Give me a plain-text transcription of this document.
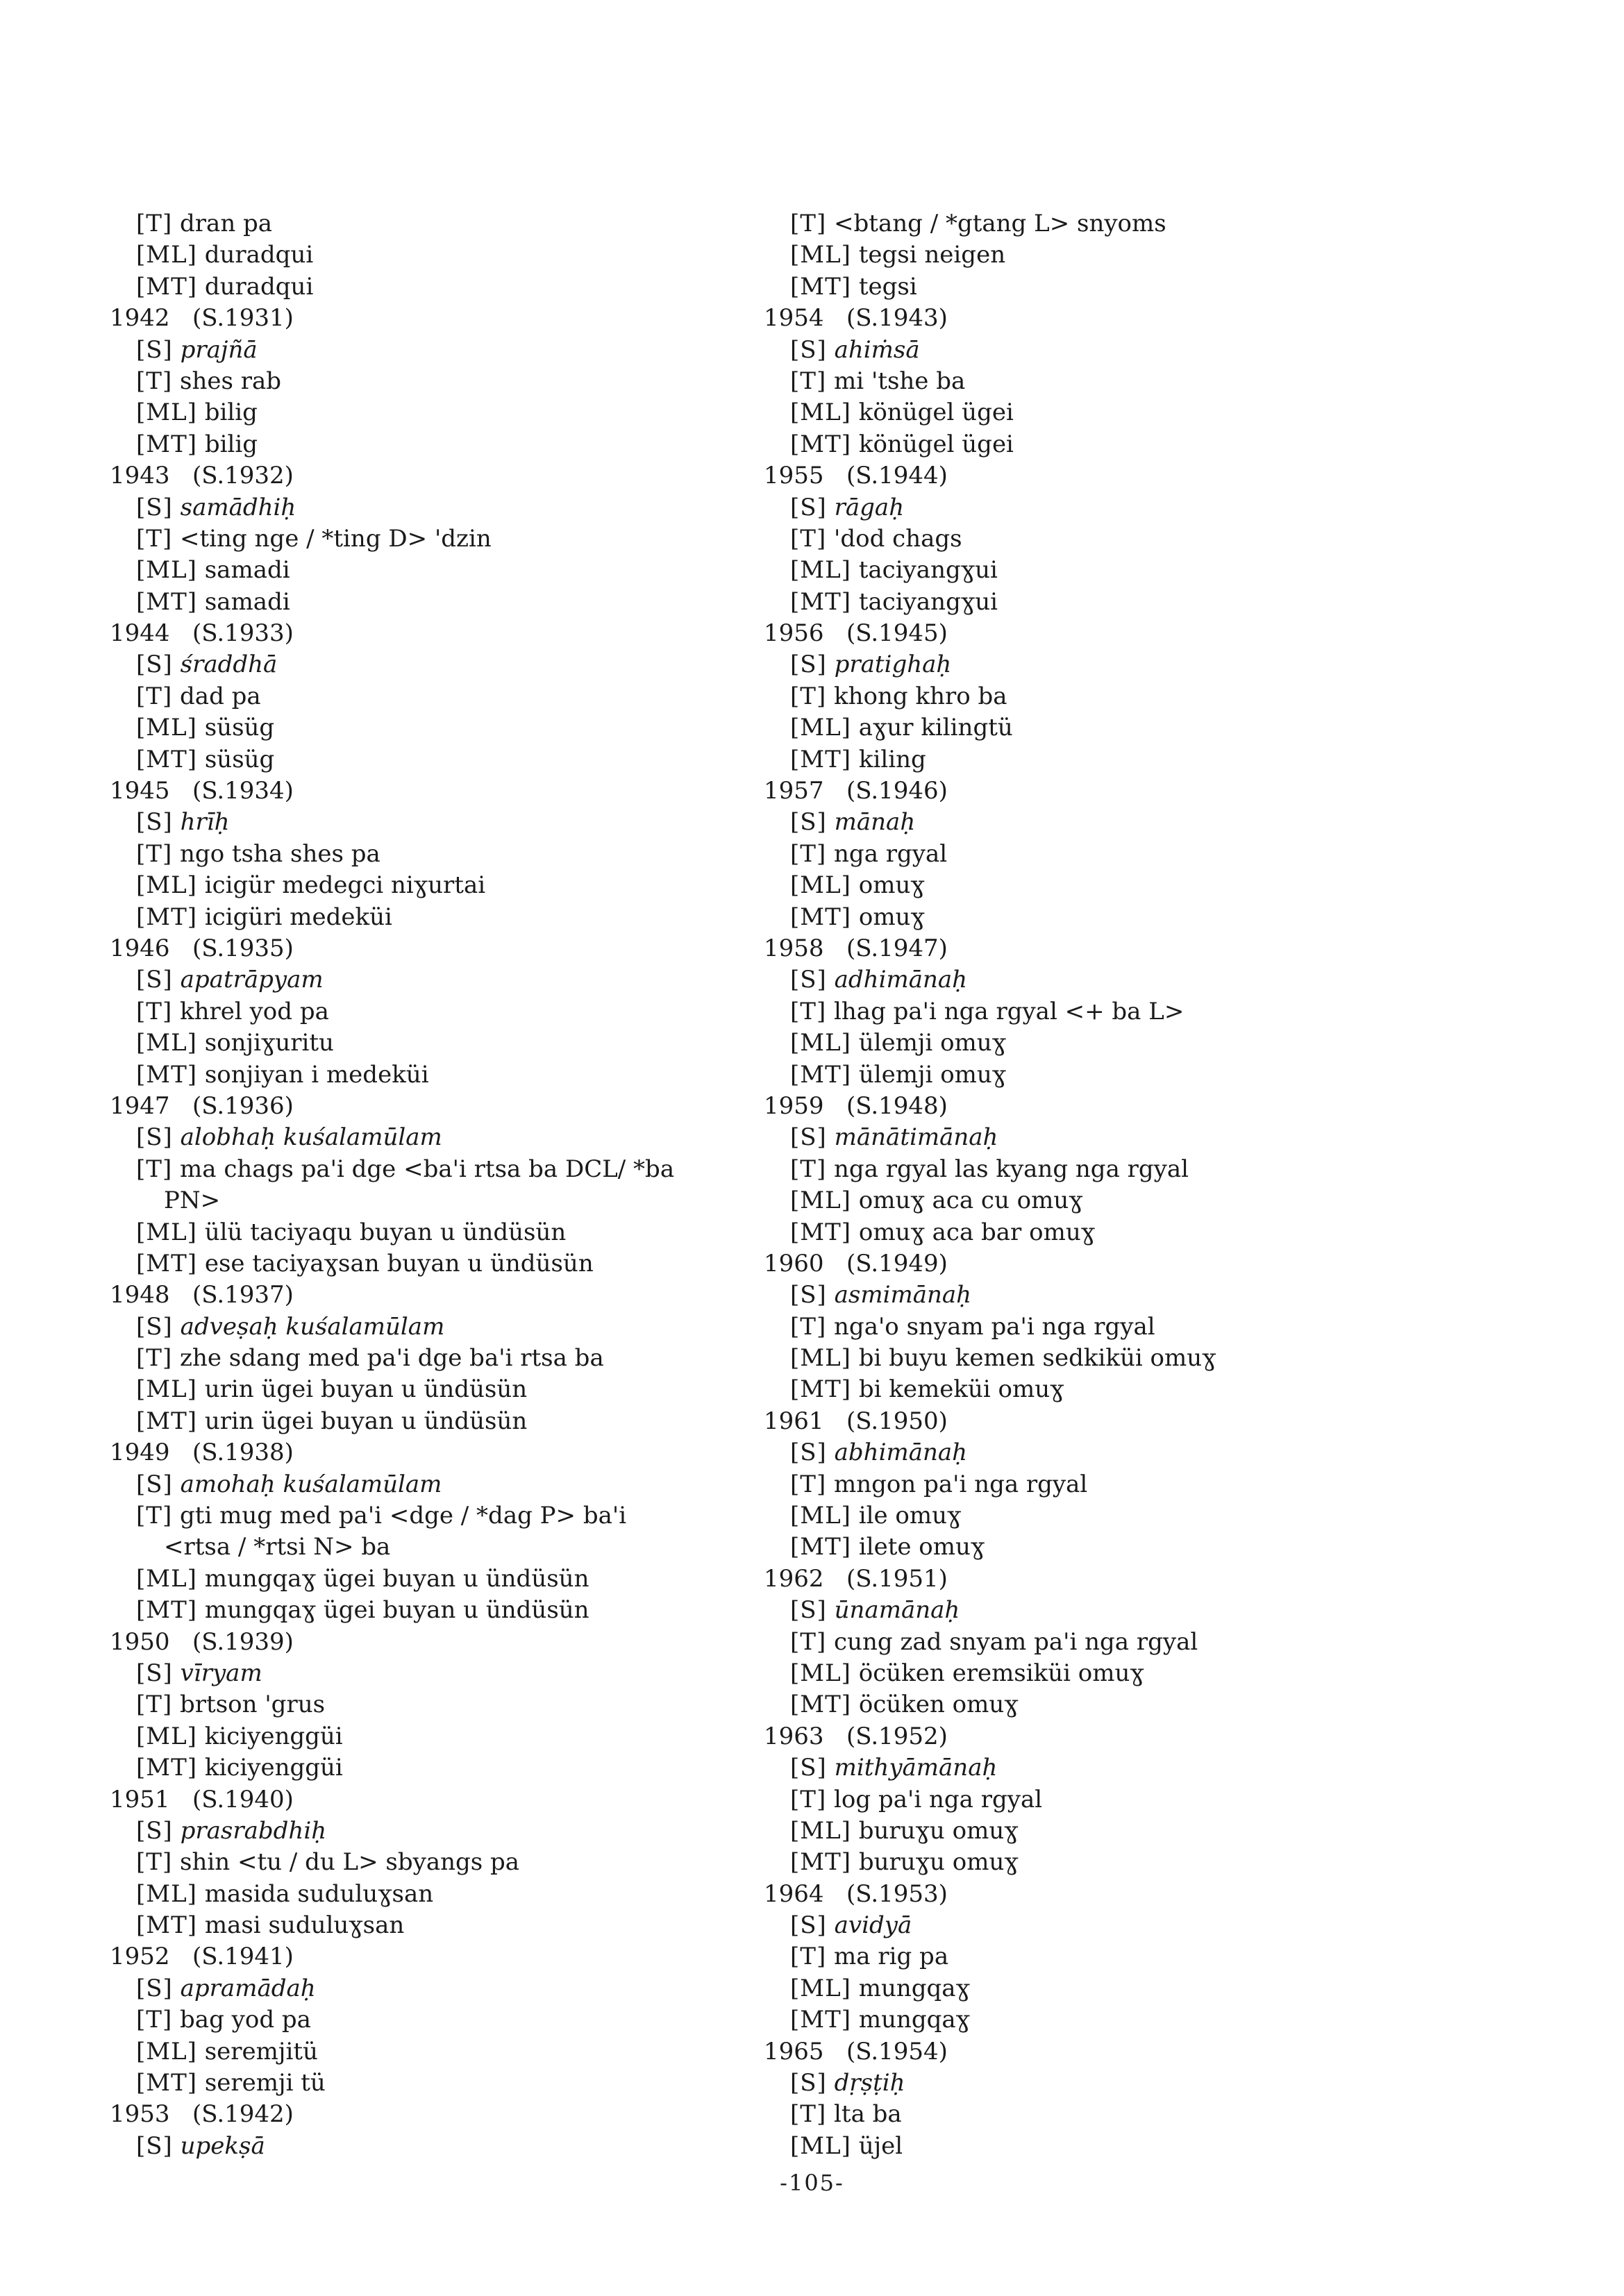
[T] dran pa
[ML] duradqui
[MT] duradqui
1942 (S.1931)
[S] prajñā
[T] shes rab
[ML] bilig
[MT] bilig
1943 (S.1932)
[S] samādhiḥ
[T] <ting nge / *ting D> 'dzin
[ML] samadi
[MT] samadi
1944 (S.1933)
[S] śraddhā
[T] dad pa
[ML] süsüg
[MT] süsüg
1945 (S.1934)
[S] hrīḥ
[T] ngo tsha shes pa
[ML] icigür medegci niɣurtai
[MT] icigüri medeküi
1946 (S.1935)
[S] apatrāpyam
[T] khrel yod pa
[ML] sonjiɣuritu
[MT] sonjiyan i medeküi
1947 (S.1936)
[S] alobhaḥ kuśalamūlam
[T] ma chags pa'i dge <ba'i rtsa ba DCL/ *ba
PN>
[ML] ülü taciyaqu buyan u ündüsün
[MT] ese taciyaɣsan buyan u ündüsün
1948 (S.1937)
[S] adveṣaḥ kuśalamūlam
[T] zhe sdang med pa'i dge ba'i rtsa ba
[ML] urin ügei buyan u ündüsün
[MT] urin ügei buyan u ündüsün
1949 (S.1938)
[S] amohaḥ kuśalamūlam
[T] gti mug med pa'i <dge / *dag P> ba'i
<rtsa / *rtsi N> ba
[ML] mungqaɣ ügei buyan u ündüsün
[MT] mungqaɣ ügei buyan u ündüsün
1950 (S.1939)
[S] vīryam
[T] brtson 'grus
[ML] kiciyenggüi
[MT] kiciyenggüi
1951 (S.1940)
[S] prasrabdhiḥ
[T] shin <tu / du L> sbyangs pa
[ML] masida suduluɣsan
[MT] masi suduluɣsan
1952 (S.1941)
[S] apramādaḥ
[T] bag yod pa
[ML] seremjitü
[MT] seremji tü
1953 (S.1942)
[S] upekṣā
[T] <btang / *gtang L> snyoms
[ML] tegsi neigen
[MT] tegsi
1954 (S.1943)
[S] ahiṁsā
[T] mi 'tshe ba
[ML] könügel ügei
[MT] könügel ügei
1955 (S.1944)
[S] rāgaḥ
[T] 'dod chags
[ML] taciyangɣui
[MT] taciyangɣui
1956 (S.1945)
[S] pratighaḥ
[T] khong khro ba
[ML] aɣur kilingtü
[MT] kiling
1957 (S.1946)
[S] mānaḥ
[T] nga rgyal
[ML] omuɣ
[MT] omuɣ
1958 (S.1947)
[S] adhimānaḥ
[T] lhag pa'i nga rgyal <+ ba L>
[ML] ülemji omuɣ
[MT] ülemji omuɣ
1959 (S.1948)
[S] mānātimānaḥ
[T] nga rgyal las kyang nga rgyal
[ML] omuɣ aca cu omuɣ
[MT] omuɣ aca bar omuɣ
1960 (S.1949)
[S] asmimānaḥ
[T] nga'o snyam pa'i nga rgyal
[ML] bi buyu kemen sedkiküi omuɣ
[MT] bi kemeküi omuɣ
1961 (S.1950)
[S] abhimānaḥ
[T] mngon pa'i nga rgyal
[ML] ile omuɣ
[MT] ilete omuɣ
1962 (S.1951)
[S] ūnamānaḥ
[T] cung zad snyam pa'i nga rgyal
[ML] öcüken eremsiküi omuɣ
[MT] öcüken omuɣ
1963 (S.1952)
[S] mithyāmānaḥ
[T] log pa'i nga rgyal
[ML] buruɣu omuɣ
[MT] buruɣu omuɣ
1964 (S.1953)
[S] avidyā
[T] ma rig pa
[ML] mungqaɣ
[MT] mungqaɣ
1965 (S.1954)
[S] dṛṣṭiḥ
[T] lta ba
[ML] üjel
-105-
